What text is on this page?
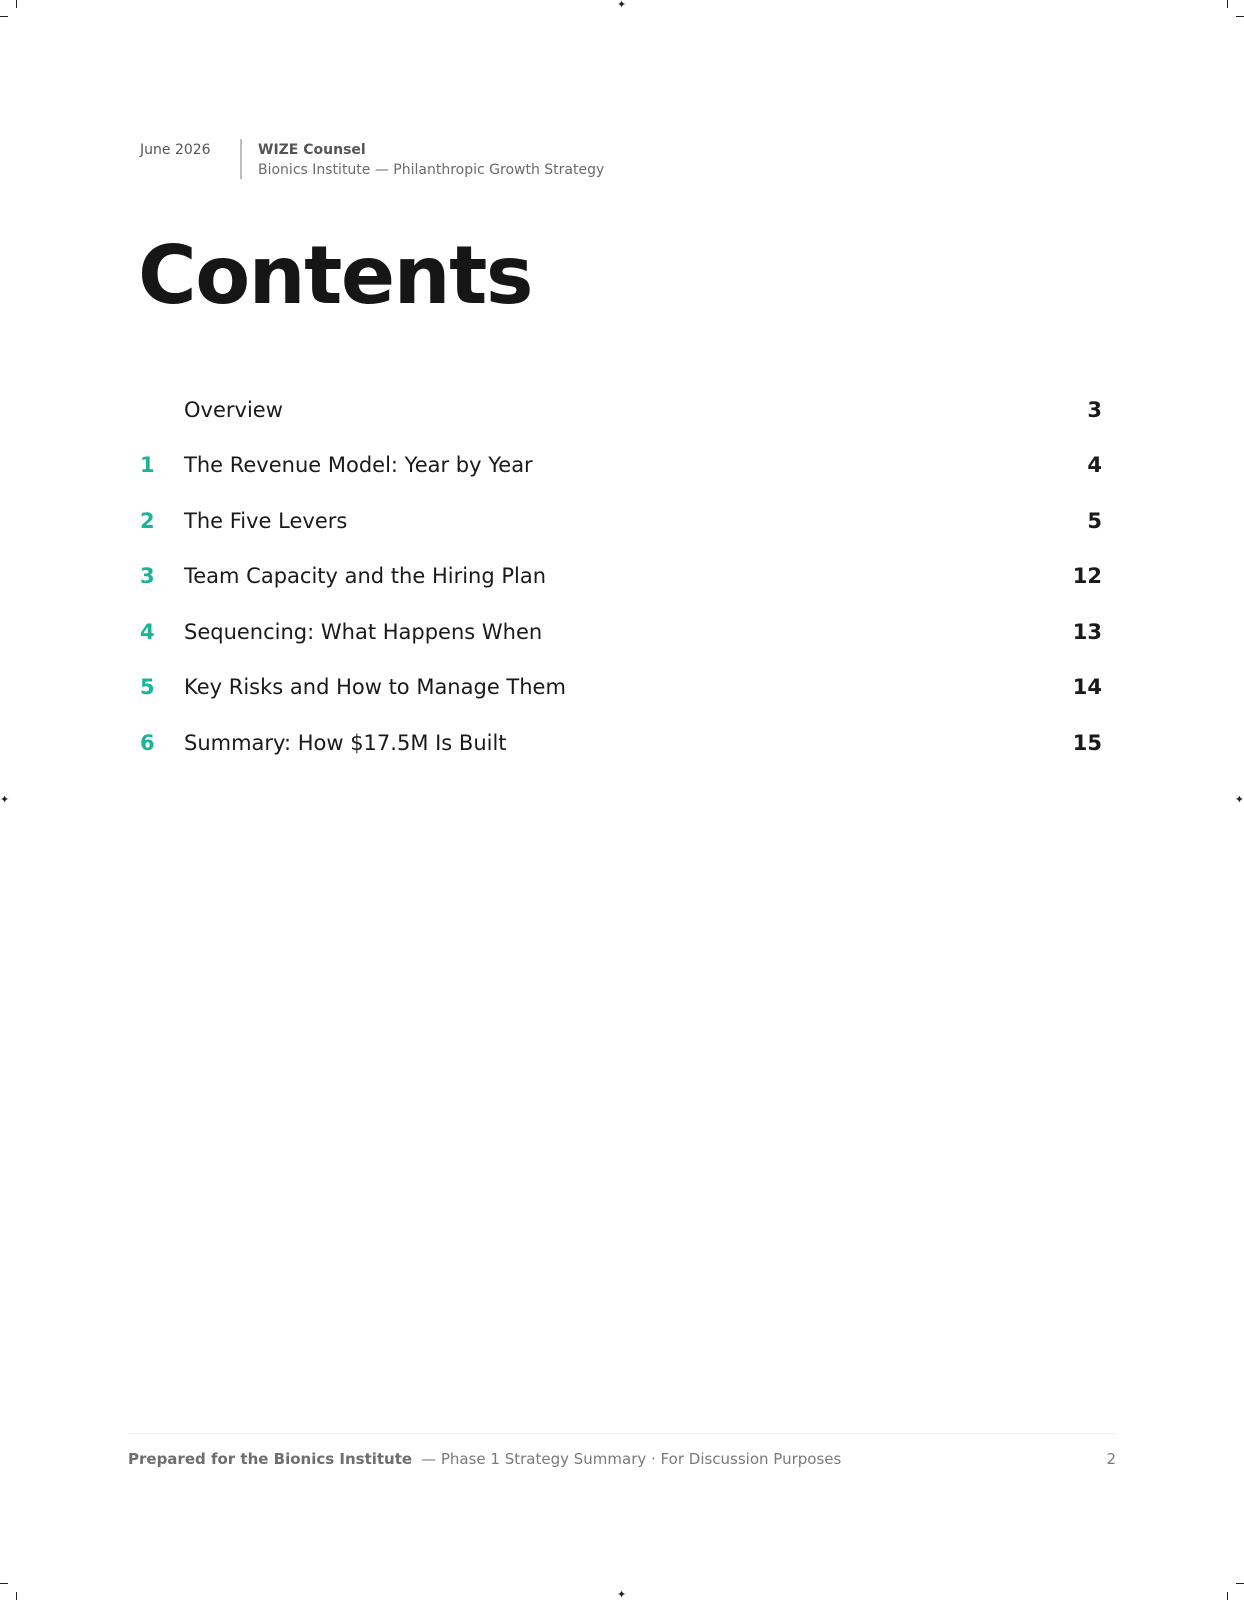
✦
✦
✦	✦
June 2026	WIZE Counsel
Bionics Institute — Philanthropic Growth Strategy
Contents
Overview	3
1	The Revenue Model: Year by Year	4
2	The Five Levers	5
3	Team Capacity and the Hiring Plan	12
4	Sequencing: What Happens When	13
5	Key Risks and How to Manage Them	14
6	Summary: How $17.5M Is Built	15
Prepared for the Bionics Institute — Phase 1 Strategy Summary · For Discussion Purposes	2
